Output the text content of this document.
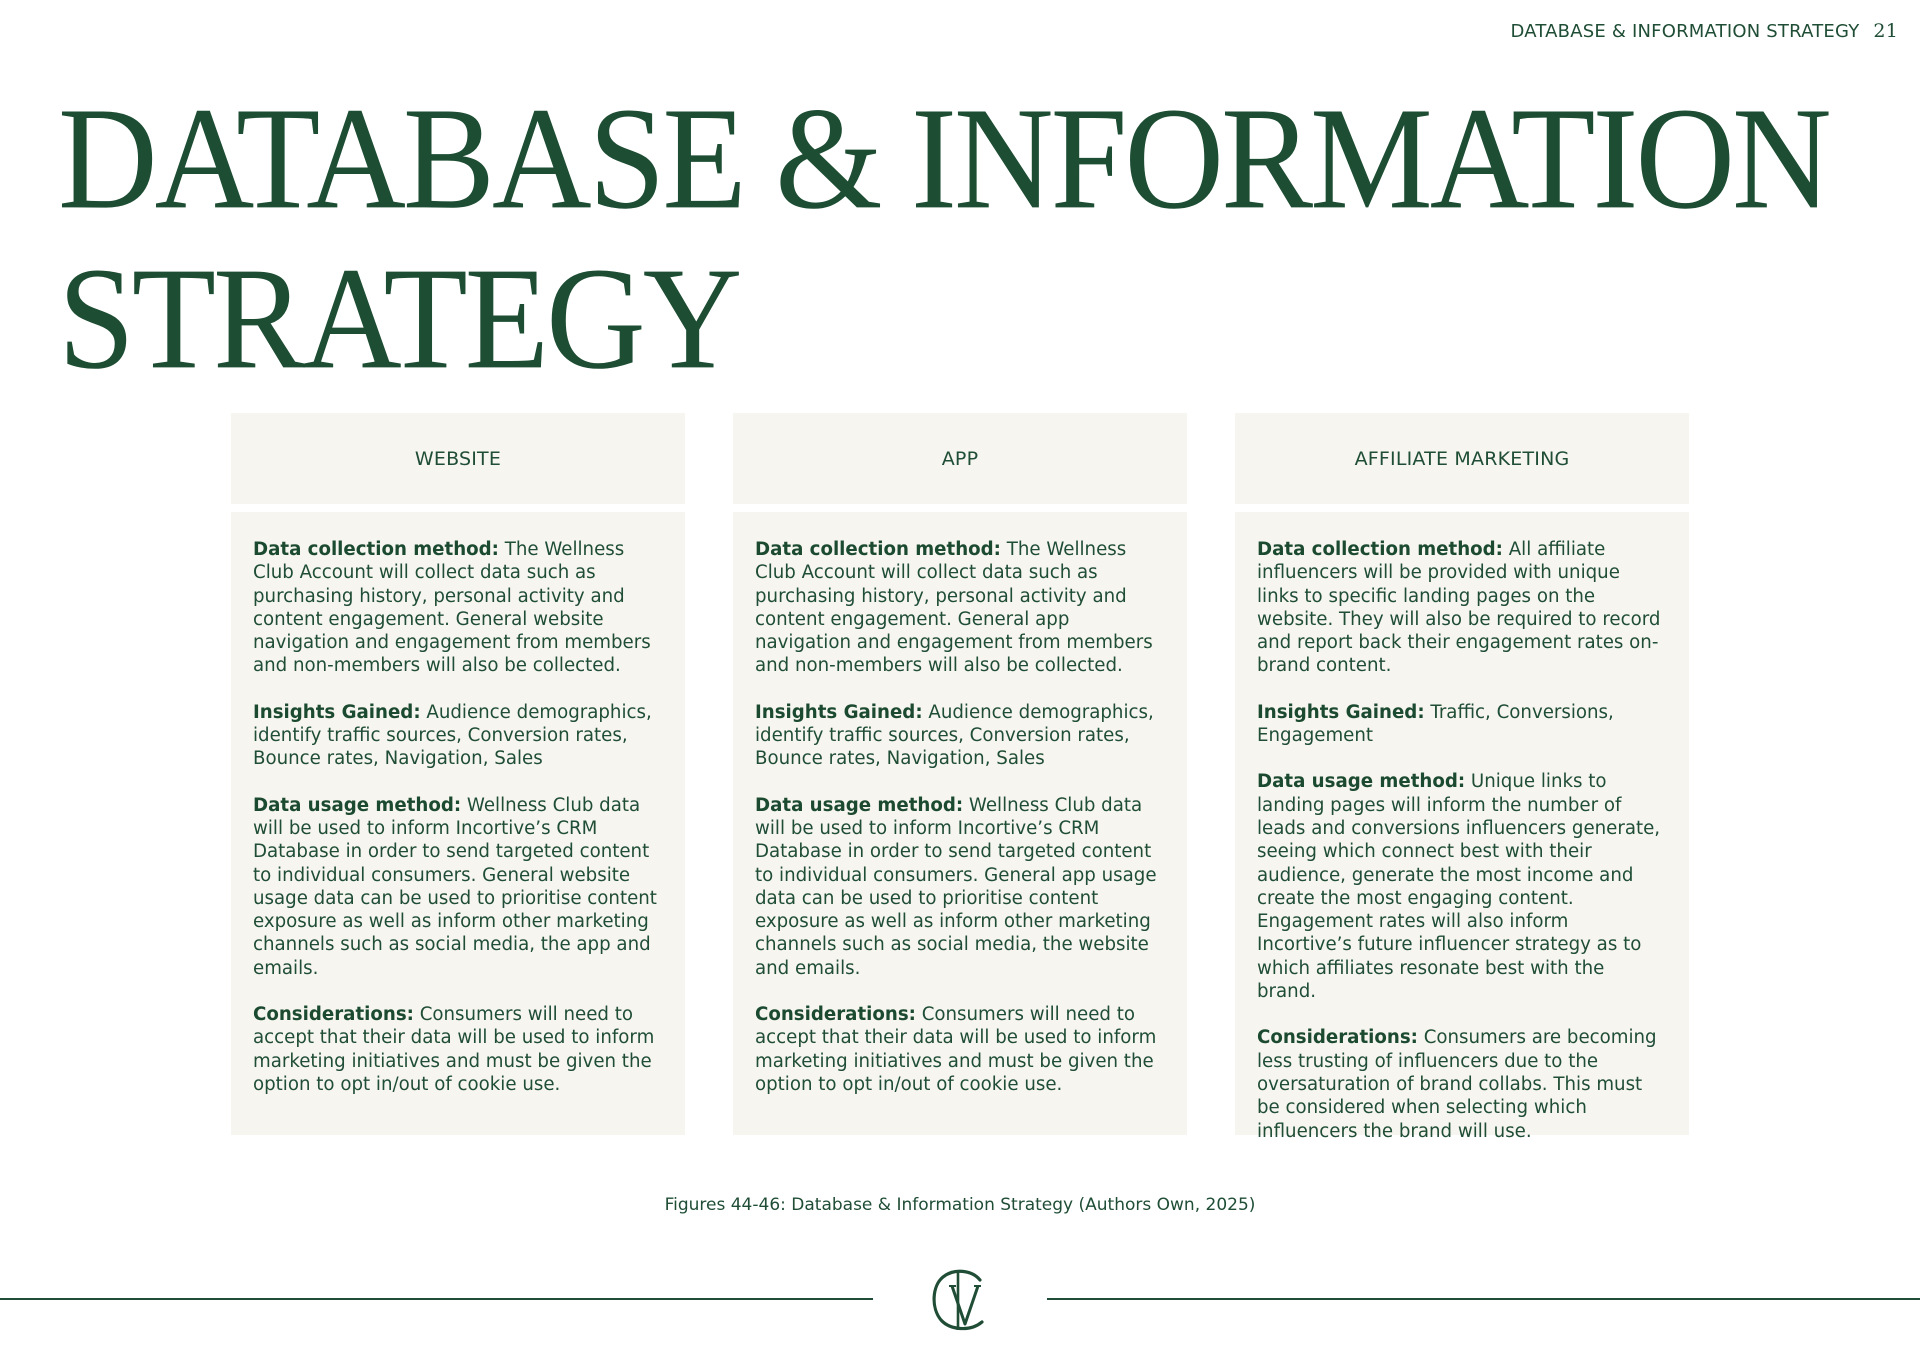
DATABASE & INFORMATION STRATEGY 21
DATABASE & INFORMATION
STRATEGY
WEBSITE

Data collection method: The Wellness Club Account will collect data such as purchasing history, personal activity and content engagement. General website navigation and engagement from members and non-members will also be collected.

Insights Gained: Audience demographics, identify traffic sources, Conversion rates, Bounce rates, Navigation, Sales

Data usage method: Wellness Club data will be used to inform Incortive’s CRM Database in order to send targeted content to individual consumers. General website usage data can be used to prioritise content exposure as well as inform other marketing channels such as social media, the app and emails.

Considerations: Consumers will need to accept that their data will be used to inform marketing initiatives and must be given the option to opt in/out of cookie use.

APP

Data collection method: The Wellness Club Account will collect data such as purchasing history, personal activity and content engagement. General app navigation and engagement from members and non-members will also be collected.

Insights Gained: Audience demographics, identify traffic sources, Conversion rates, Bounce rates, Navigation, Sales

Data usage method: Wellness Club data will be used to inform Incortive’s CRM Database in order to send targeted content to individual consumers. General app usage data can be used to prioritise content exposure as well as inform other marketing channels such as social media, the website and emails.

Considerations: Consumers will need to accept that their data will be used to inform marketing initiatives and must be given the option to opt in/out of cookie use.

AFFILIATE MARKETING

Data collection method: All affiliate influencers will be provided with unique links to specific landing pages on the website. They will also be required to record and report back their engagement rates on-brand content.

Insights Gained: Traffic, Conversions, Engagement

Data usage method: Unique links to landing pages will inform the number of leads and conversions influencers generate, seeing which connect best with their audience, generate the most income and create the most engaging content. Engagement rates will also inform Incortive’s future influencer strategy as to which affiliates resonate best with the brand.

Considerations: Consumers are becoming less trusting of influencers due to the oversaturation of brand collabs. This must be considered when selecting which influencers the brand will use.

Figures 44-46: Database & Information Strategy (Authors Own, 2025)
